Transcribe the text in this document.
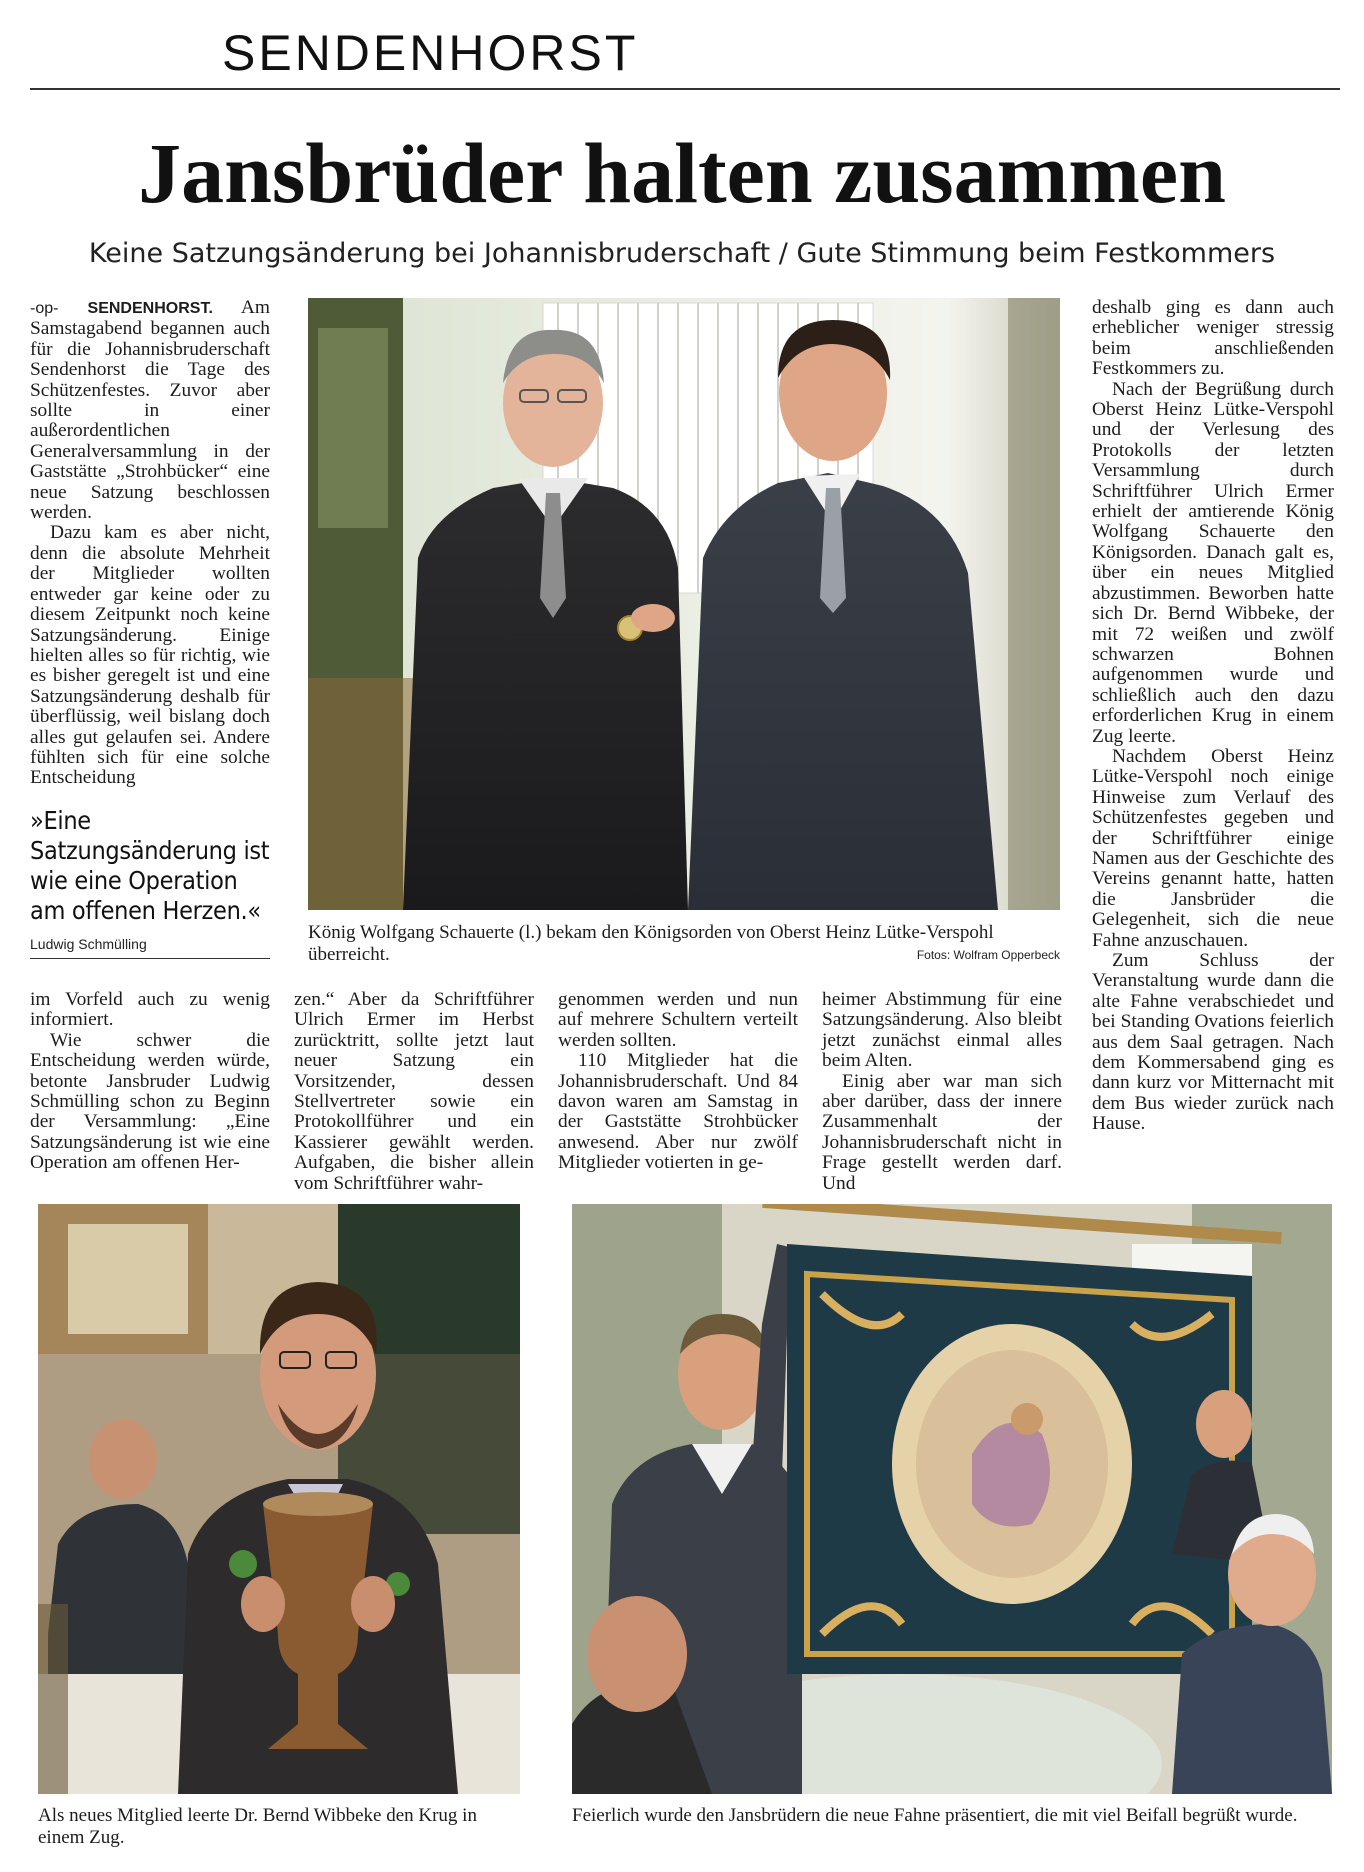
SENDENHORST
Jansbrüder halten zusammen
Keine Satzungsänderung bei Johannisbruderschaft / Gute Stimmung beim Festkommers

-op- SENDENHORST. Am Samstagabend begannen auch für die Johannisbruderschaft Sendenhorst die Tage des Schützenfestes. Zuvor aber sollte in einer außerordentlichen Generalversammlung in der Gaststätte „Strohbücker“ eine neue Satzung beschlossen werden.

Dazu kam es aber nicht, denn die absolute Mehrheit der Mitglieder wollten entweder gar keine oder zu diesem Zeitpunkt noch keine Satzungsänderung. Einige hielten alles so für richtig, wie es bisher geregelt ist und eine Satzungsänderung deshalb für überflüssig, weil bislang doch alles gut gelaufen sei. Andere fühlten sich für eine solche Entscheidung

»Eine Satzungsänderung ist wie eine Operation am offenen Herzen.«
Ludwig Schmülling
König Wolfgang Schauerte (l.) bekam den Königsorden von Oberst Heinz Lütke-Verspohl überreicht.	Fotos: Wolfram Opperbeck

deshalb ging es dann auch erheblicher weniger stressig beim anschließenden Festkommers zu.

Nach der Begrüßung durch Oberst Heinz Lütke-Verspohl und der Verlesung des Protokolls der letzten Versammlung durch Schriftführer Ulrich Ermer erhielt der amtierende König Wolfgang Schauerte den Königsorden. Danach galt es, über ein neues Mitglied abzustimmen. Beworben hatte sich Dr. Bernd Wibbeke, der mit 72 weißen und zwölf schwarzen Bohnen aufgenommen wurde und schließlich auch den dazu erforderlichen Krug in einem Zug leerte.

Nachdem Oberst Heinz Lütke-Verspohl noch einige Hinweise zum Verlauf des Schützenfestes gegeben und der Schriftführer einige Namen aus der Geschichte des Vereins genannt hatte, hatten die Jansbrüder die Gelegenheit, sich die neue Fahne anzuschauen.

Zum Schluss der Veranstaltung wurde dann die alte Fahne verabschiedet und bei Standing Ovations feierlich aus dem Saal getragen. Nach dem Kommersabend ging es dann kurz vor Mitternacht mit dem Bus wieder zurück nach Hause.

im Vorfeld auch zu wenig informiert.

Wie schwer die Entscheidung werden würde, betonte Jansbruder Ludwig Schmülling schon zu Beginn der Versammlung: „Eine Satzungsänderung ist wie eine Operation am offenen Her-

zen.“ Aber da Schriftführer Ulrich Ermer im Herbst zurücktritt, sollte jetzt laut neuer Satzung ein Vorsitzender, dessen Stellvertreter sowie ein Protokollführer und ein Kassierer gewählt werden. Aufgaben, die bisher allein vom Schriftführer wahr-

genommen werden und nun auf mehrere Schultern verteilt werden sollten.

110 Mitglieder hat die Johannisbruderschaft. Und 84 davon waren am Samstag in der Gaststätte Strohbücker anwesend. Aber nur zwölf Mitglieder votierten in ge-

heimer Abstimmung für eine Satzungsänderung. Also bleibt jetzt zunächst einmal alles beim Alten.

Einig aber war man sich aber darüber, dass der innere Zusammenhalt der Johannisbruderschaft nicht in Frage gestellt werden darf. Und

Als neues Mitglied leerte Dr. Bernd Wibbeke den Krug in einem Zug.
Feierlich wurde den Jansbrüdern die neue Fahne präsentiert, die mit viel Beifall begrüßt wurde.
